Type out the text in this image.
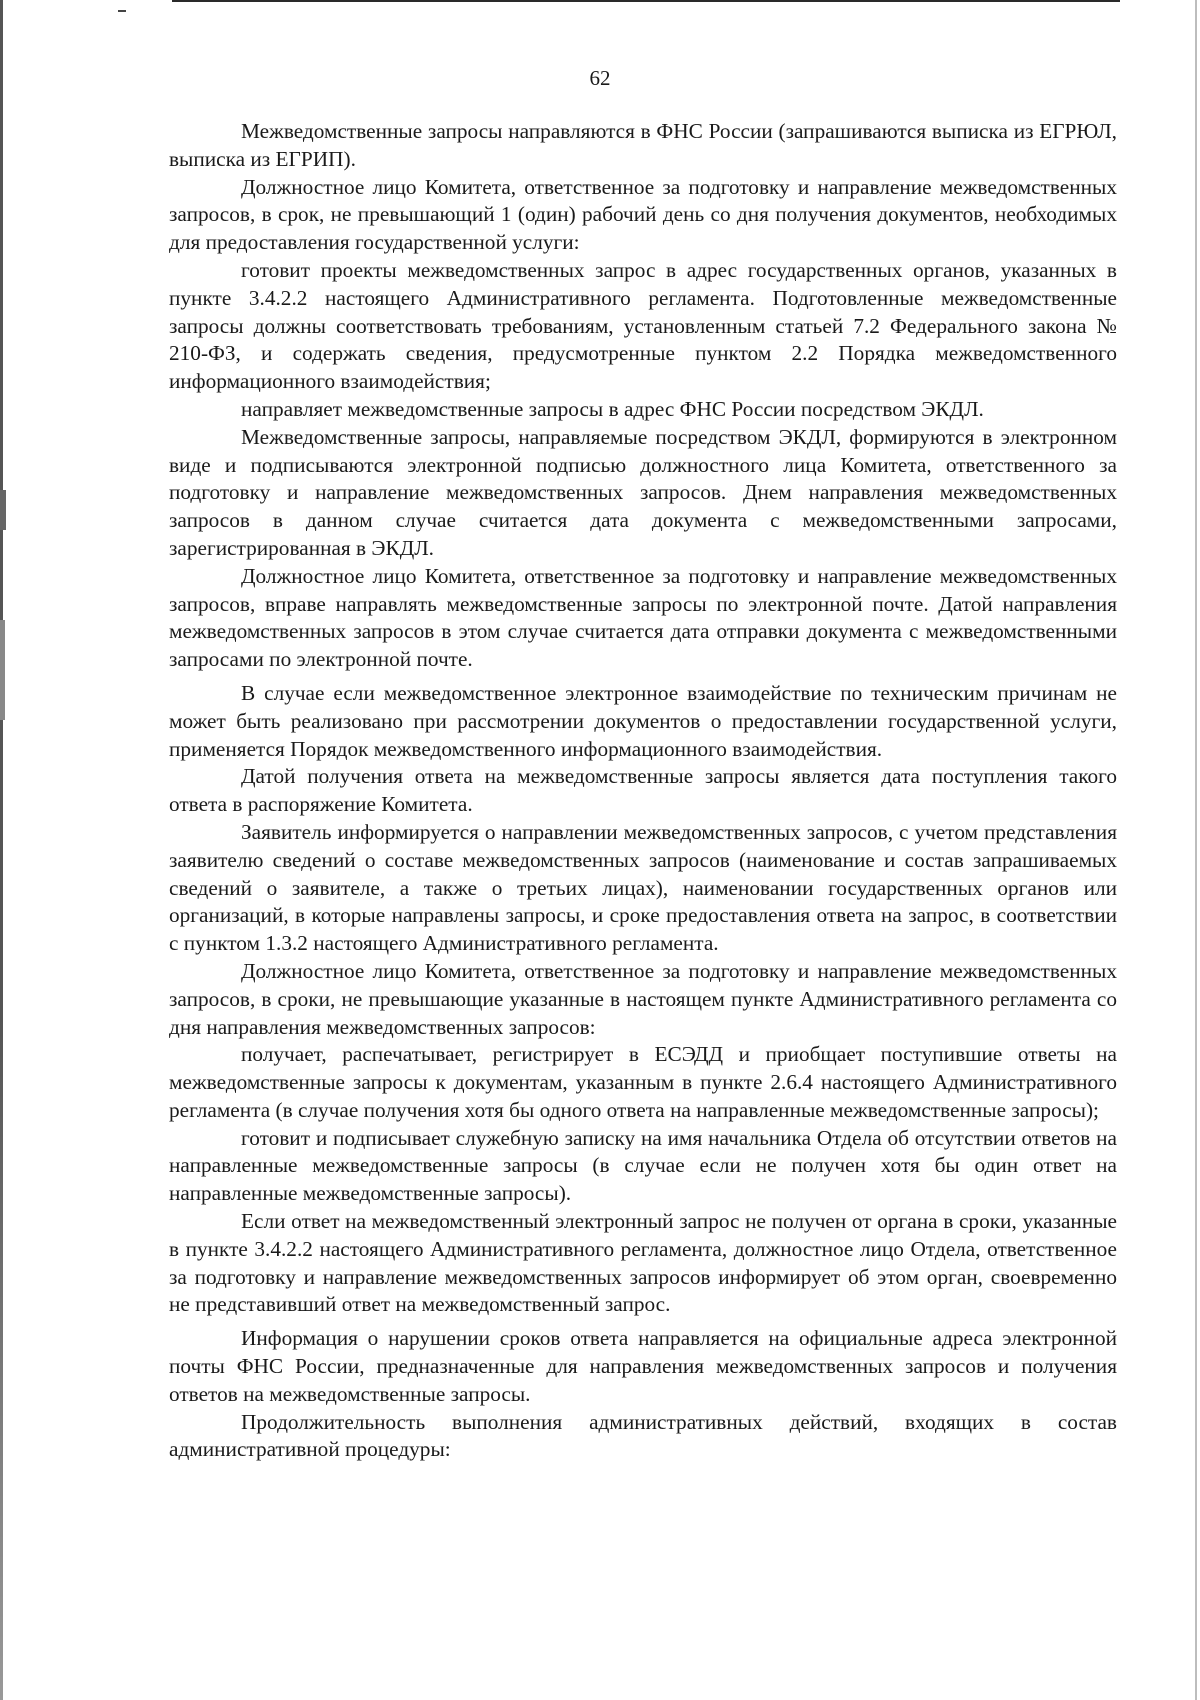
62

Межведомственные запросы направляются в ФНС России (запрашиваются выписка из ЕГРЮЛ, выписка из ЕГРИП).

Должностное лицо Комитета, ответственное за подготовку и направление межведомственных запросов, в срок, не превышающий 1 (один) рабочий день со дня получения документов, необходимых для предоставления государственной услуги:

готовит проекты межведомственных запрос в адрес государственных органов, указанных в пункте 3.4.2.2 настоящего Административного регламента. Подготовленные межведомственные запросы должны соответствовать требованиям, установленным статьей 7.2 Федерального закона № 210-ФЗ, и содержать сведения, предусмотренные пунктом 2.2 Порядка межведомственного информационного взаимодействия;

направляет межведомственные запросы в адрес ФНС России посредством ЭКДЛ.

Межведомственные запросы, направляемые посредством ЭКДЛ, формируются в электронном виде и подписываются электронной подписью должностного лица Комитета, ответственного за подготовку и направление межведомственных запросов. Днем направления межведомственных запросов в данном случае считается дата документа с межведомственными запросами, зарегистрированная в ЭКДЛ.

Должностное лицо Комитета, ответственное за подготовку и направление межведомственных запросов, вправе направлять межведомственные запросы по электронной почте. Датой направления межведомственных запросов в этом случае считается дата отправки документа с межведомственными запросами по электронной почте.

В случае если межведомственное электронное взаимодействие по техническим причинам не может быть реализовано при рассмотрении документов о предоставлении государственной услуги, применяется Порядок межведомственного информационного взаимодействия.

Датой получения ответа на межведомственные запросы является дата поступления такого ответа в распоряжение Комитета.

Заявитель информируется о направлении межведомственных запросов, с учетом представления заявителю сведений о составе межведомственных запросов (наименование и состав запрашиваемых сведений о заявителе, а также о третьих лицах), наименовании государственных органов или организаций, в которые направлены запросы, и сроке предоставления ответа на запрос, в соответствии с пунктом 1.3.2 настоящего Административного регламента.

Должностное лицо Комитета, ответственное за подготовку и направление межведомственных запросов, в сроки, не превышающие указанные в настоящем пункте Административного регламента со дня направления межведомственных запросов:

получает, распечатывает, регистрирует в ЕСЭДД и приобщает поступившие ответы на межведомственные запросы к документам, указанным в пункте 2.6.4 настоящего Административного регламента (в случае получения хотя бы одного ответа на направленные межведомственные запросы);

готовит и подписывает служебную записку на имя начальника Отдела об отсутствии ответов на направленные межведомственные запросы (в случае если не получен хотя бы один ответ на направленные межведомственные запросы).

Если ответ на межведомственный электронный запрос не получен от органа в сроки, указанные в пункте 3.4.2.2 настоящего Административного регламента, должностное лицо Отдела, ответственное за подготовку и направление межведомственных запросов информирует об этом орган, своевременно не представивший ответ на межведомственный запрос.

Информация о нарушении сроков ответа направляется на официальные адреса электронной почты ФНС России, предназначенные для направления межведомственных запросов и получения ответов на межведомственные запросы.

Продолжительность выполнения административных действий, входящих в состав административной процедуры:
